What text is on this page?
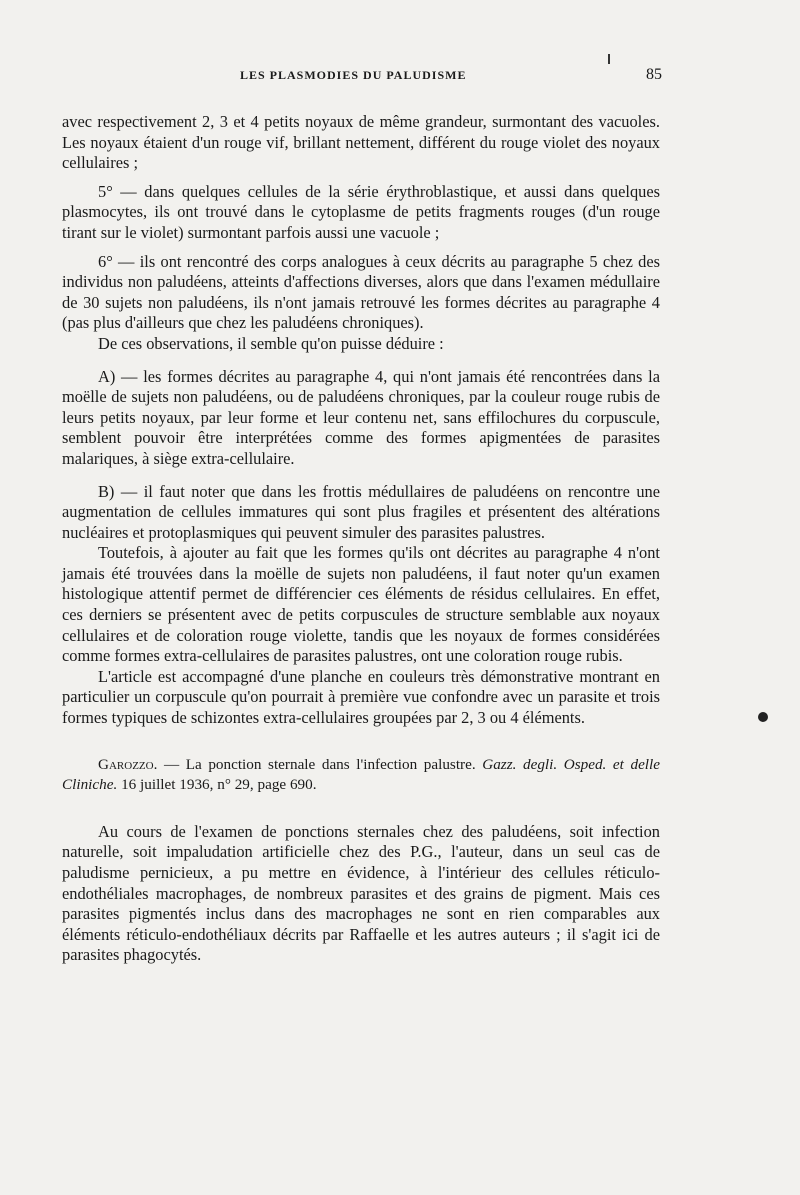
LES PLASMODIES DU PALUDISME	85

avec respectivement 2, 3 et 4 petits noyaux de même grandeur, surmontant des vacuoles. Les noyaux étaient d'un rouge vif, brillant nettement, différent du rouge violet des noyaux cellulaires ;

5° — dans quelques cellules de la série érythroblastique, et aussi dans quelques plasmocytes, ils ont trouvé dans le cytoplasme de petits fragments rouges (d'un rouge tirant sur le violet) surmontant parfois aussi une vacuole ;

6° — ils ont rencontré des corps analogues à ceux décrits au paragraphe 5 chez des individus non paludéens, atteints d'affections diverses, alors que dans l'examen médullaire de 30 sujets non paludéens, ils n'ont jamais retrouvé les formes décrites au paragraphe 4 (pas plus d'ailleurs que chez les paludéens chroniques).

De ces observations, il semble qu'on puisse déduire :

A) — les formes décrites au paragraphe 4, qui n'ont jamais été rencontrées dans la moëlle de sujets non paludéens, ou de paludéens chroniques, par la couleur rouge rubis de leurs petits noyaux, par leur forme et leur contenu net, sans effilochures du corpuscule, semblent pouvoir être interprétées comme des formes apigmentées de parasites malariques, à siège extra-cellulaire.

B) — il faut noter que dans les frottis médullaires de paludéens on rencontre une augmentation de cellules immatures qui sont plus fragiles et présentent des altérations nucléaires et protoplasmiques qui peuvent simuler des parasites palustres.

Toutefois, à ajouter au fait que les formes qu'ils ont décrites au paragraphe 4 n'ont jamais été trouvées dans la moëlle de sujets non paludéens, il faut noter qu'un examen histologique attentif permet de différencier ces éléments de résidus cellulaires. En effet, ces derniers se présentent avec de petits corpuscules de structure semblable aux noyaux cellulaires et de coloration rouge violette, tandis que les noyaux de formes considérées comme formes extra-cellulaires de parasites palustres, ont une coloration rouge rubis.

L'article est accompagné d'une planche en couleurs très démonstrative montrant en particulier un corpuscule qu'on pourrait à première vue confondre avec un parasite et trois formes typiques de schizontes extra-cellulaires groupées par 2, 3 ou 4 éléments.

Garozzo. — La ponction sternale dans l'infection palustre. Gazz. degli. Osped. et delle Cliniche. 16 juillet 1936, n° 29, page 690.

Au cours de l'examen de ponctions sternales chez des paludéens, soit infection naturelle, soit impaludation artificielle chez des P.G., l'auteur, dans un seul cas de paludisme pernicieux, a pu mettre en évidence, à l'intérieur des cellules réticulo-endothéliales macrophages, de nombreux parasites et des grains de pigment. Mais ces parasites pigmentés inclus dans des macrophages ne sont en rien comparables aux éléments réticulo-endothéliaux décrits par Raffaelle et les autres auteurs ; il s'agit ici de parasites phagocytés.
